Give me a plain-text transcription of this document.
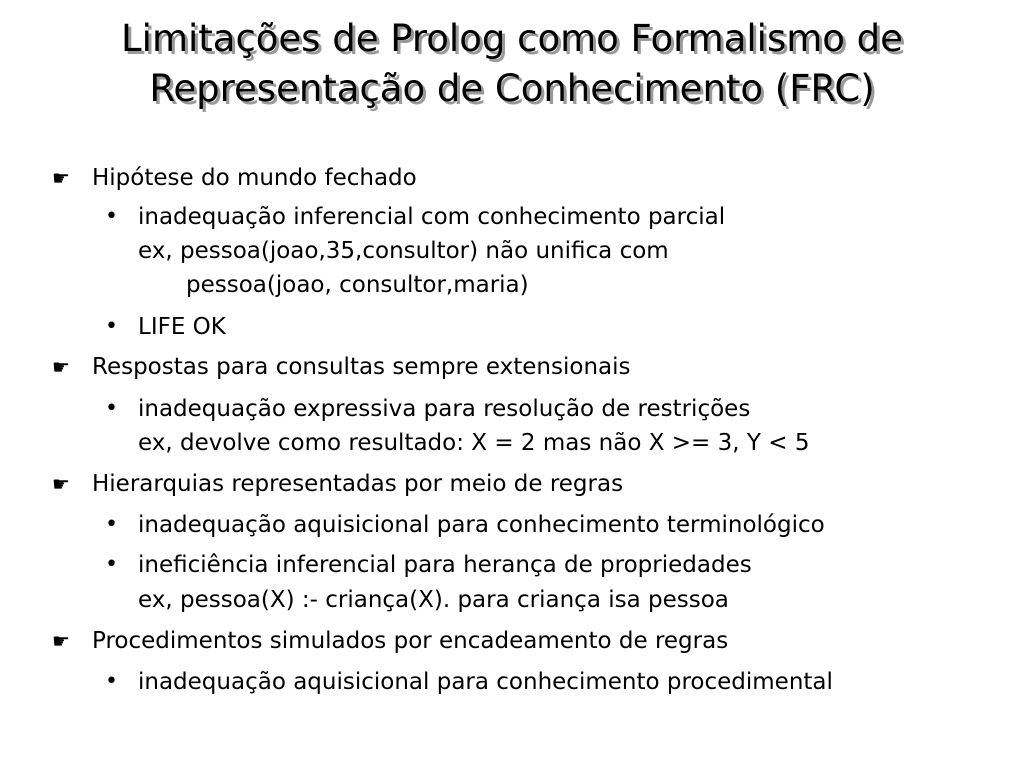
Limitações de Prolog como Formalismo de
Representação de Conhecimento (FRC)
☛ Hipótese do mundo fechado
• inadequação inferencial com conhecimento parcial
ex, pessoa(joao,35,consultor) não unifica com
pessoa(joao, consultor,maria)
• LIFE OK
☛ Respostas para consultas sempre extensionais
• inadequação expressiva para resolução de restrições
ex, devolve como resultado: X = 2 mas não X >= 3, Y < 5
☛ Hierarquias representadas por meio de regras
• inadequação aquisicional para conhecimento terminológico
• ineficiência inferencial para herança de propriedades
ex, pessoa(X) :- criança(X). para criança isa pessoa
☛ Procedimentos simulados por encadeamento de regras
• inadequação aquisicional para conhecimento procedimental
